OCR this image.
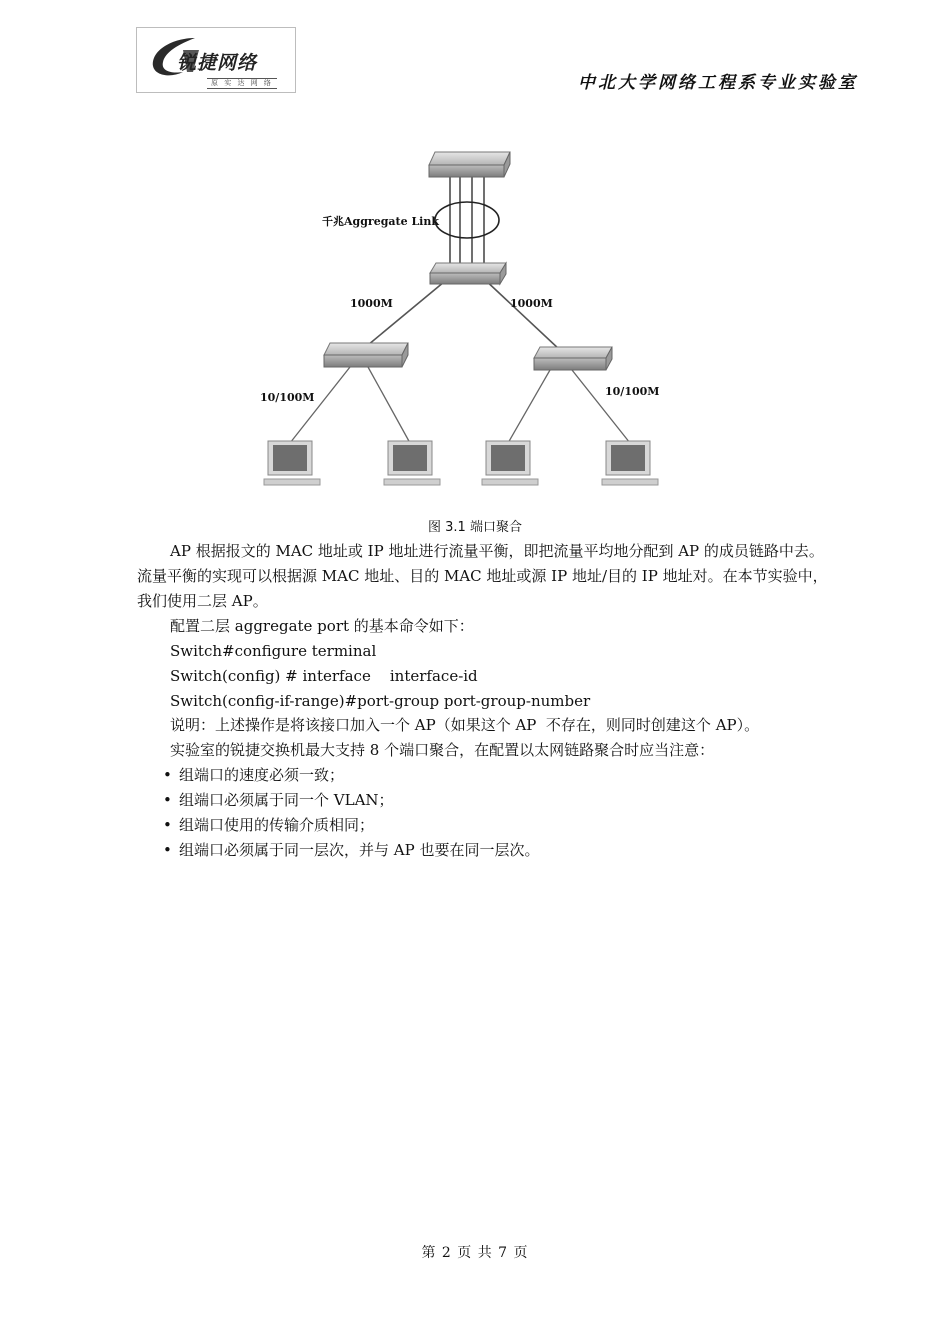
锐捷网络
原 实 达 网 络	中北大学网络工程系专业实验室
千兆Aggregate Link
1000M	1000M
10/100M	10/100M
图 3.1 端口聚合

AP 根据报文的 MAC 地址或 IP 地址进行流量平衡，即把流量平均地分配到 AP 的成员链路中去。

流量平衡的实现可以根据源 MAC 地址、目的 MAC 地址或源 IP 地址/目的 IP 地址对。在本节实验中，

我们使用二层 AP。

配置二层 aggregate port 的基本命令如下：
Switch#configure terminal
Switch(config) # interface    interface-id
Switch(config-if-range)#port-group port-group-number
说明：上述操作是将该接口加入一个 AP（如果这个 AP  不存在，则同时创建这个 AP）。
实验室的锐捷交换机最大支持 8 个端口聚合，在配置以太网链路聚合时应当注意：
• 组端口的速度必须一致；
• 组端口必须属于同一个 VLAN；
• 组端口使用的传输介质相同；
• 组端口必须属于同一层次，并与 AP 也要在同一层次。
第 2 页 共 7 页
